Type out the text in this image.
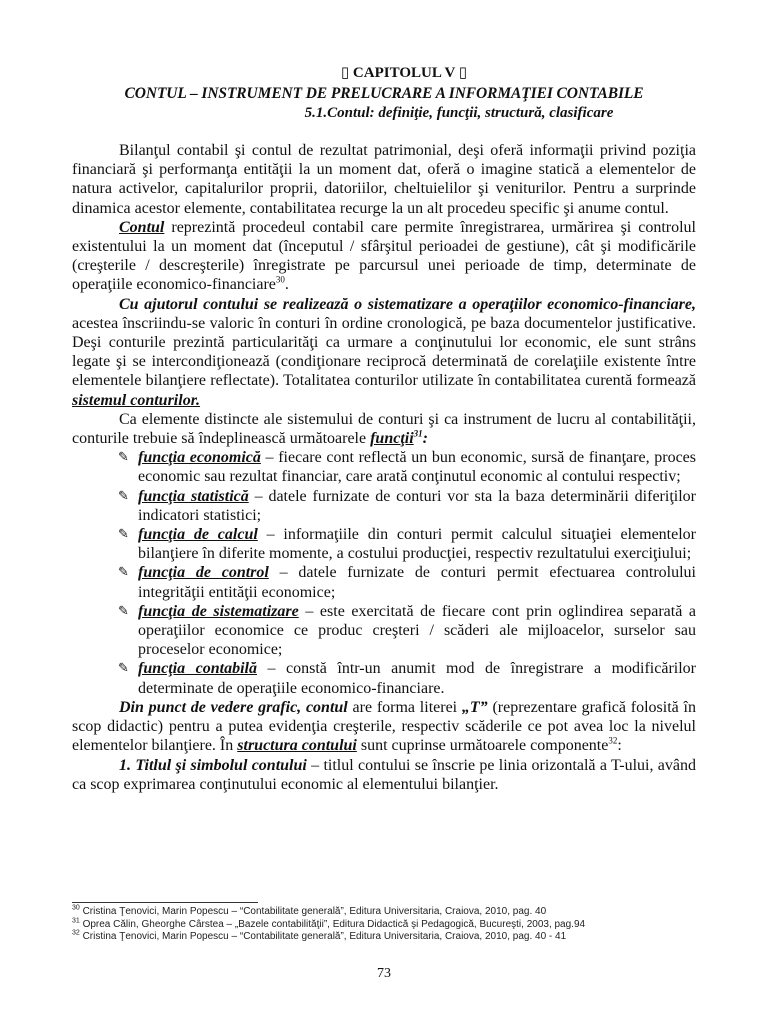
▯ CAPITOLUL V ▯
CONTUL – INSTRUMENT DE PRELUCRARE A INFORMAŢIEI CONTABILE
5.1.Contul: definiţie, funcţii, structură, clasificare

Bilanţul contabil şi contul de rezultat patrimonial, deşi oferă informaţii privind poziţia financiară şi performanţa entităţii la un moment dat, oferă o imagine statică a elementelor de natura activelor, capitalurilor proprii, datoriilor, cheltuielilor şi veniturilor. Pentru a surprinde dinamica acestor elemente, contabilitatea recurge la un alt procedeu specific şi anume contul.

Contul reprezintă procedeul contabil care permite înregistrarea, urmărirea şi controlul existentului la un moment dat (începutul / sfârşitul perioadei de gestiune), cât şi modificările (creşterile / descreşterile) înregistrate pe parcursul unei perioade de timp, determinate de operaţiile economico-financiare$^{30}$.

Cu ajutorul contului se realizează o sistematizare a operaţiilor economico-financiare, acestea înscriindu-se valoric în conturi în ordine cronologică, pe baza documentelor justificative. Deşi conturile prezintă particularităţi ca urmare a conţinutului lor economic, ele sunt strâns legate şi se intercondiţionează (condiţionare reciprocă determinată de corelaţiile existente între elementele bilanţiere reflectate). Totalitatea conturilor utilizate în contabilitatea curentă formează sistemul conturilor.

Ca elemente distincte ale sistemului de conturi şi ca instrument de lucru al contabilităţii, conturile trebuie să îndeplinească următoarele funcţii$^{31}$:

✎ funcţia economică – fiecare cont reflectă un bun economic, sursă de finanţare, proces economic sau rezultat financiar, care arată conţinutul economic al contului respectiv;
✎ funcţia statistică – datele furnizate de conturi vor sta la baza determinării diferiţilor indicatori statistici;
✎ funcţia de calcul – informaţiile din conturi permit calculul situaţiei elementelor bilanţiere în diferite momente, a costului producţiei, respectiv rezultatului exerciţiului;
✎ funcţia de control – datele furnizate de conturi permit efectuarea controlului integrităţii entităţii economice;
✎ funcţia de sistematizare – este exercitată de fiecare cont prin oglindirea separată a operaţiilor economice ce produc creşteri / scăderi ale mijloacelor, surselor sau proceselor economice;
✎ funcţia contabilă – constă într-un anumit mod de înregistrare a modificărilor determinate de operaţiile economico-financiare.

Din punct de vedere grafic, contul are forma literei „T” (reprezentare grafică folosită în scop didactic) pentru a putea evidenţia creşterile, respectiv scăderile ce pot avea loc la nivelul elementelor bilanţiere. În structura contului sunt cuprinse următoarele componente$^{32}$:

1. Titlul şi simbolul contului – titlul contului se înscrie pe linia orizontală a T-ului, având ca scop exprimarea conţinutului economic al elementului bilanţier.

$^{30}$ Cristina Ţenovici, Marin Popescu – “Contabilitate generală”, Editura Universitaria, Craiova, 2010, pag. 40
$^{31}$ Oprea Călin, Gheorghe Cârstea – „Bazele contabilităţii”, Editura Didactică şi Pedagogică, Bucureşti, 2003, pag.94
$^{32}$ Cristina Ţenovici, Marin Popescu – “Contabilitate generală”, Editura Universitaria, Craiova, 2010, pag. 40 - 41
73
